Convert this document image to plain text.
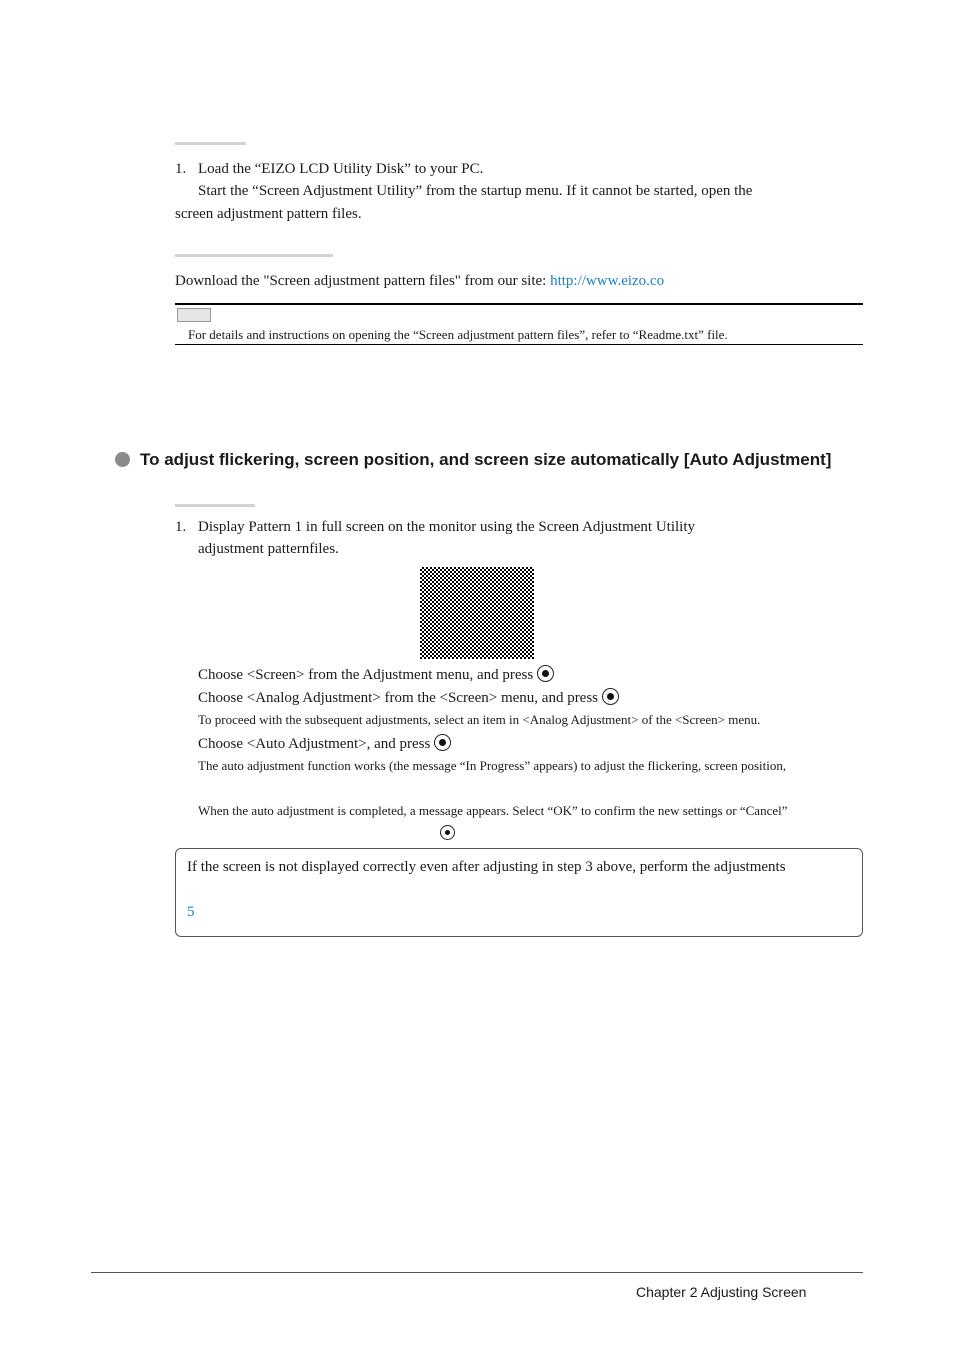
1. Load the “EIZO LCD Utility Disk” to your PC.
Start the “Screen Adjustment Utility” from the startup menu. If it cannot be started, open the
screen adjustment pattern files.
Download the "Screen adjustment pattern files" from our site: http://www.eizo.co
For details and instructions on opening the “Screen adjustment pattern files”, refer to “Readme.txt” file.
To adjust flickering, screen position, and screen size automatically [Auto Adjustment]
1. Display Pattern 1 in full screen on the monitor using the Screen Adjustment Utility
adjustment patternfiles.
Choose <Screen> from the Adjustment menu, and press
Choose <Analog Adjustment> from the <Screen> menu, and press
To proceed with the subsequent adjustments, select an item in <Analog Adjustment> of the <Screen> menu.
Choose <Auto Adjustment>, and press
The auto adjustment function works (the message “In Progress” appears) to adjust the flickering, screen position,
When the auto adjustment is completed, a message appears. Select “OK” to confirm the new settings or “Cancel”
If the screen is not displayed correctly even after adjusting in step 3 above, perform the adjustments
5
Chapter 2 Adjusting Screen
